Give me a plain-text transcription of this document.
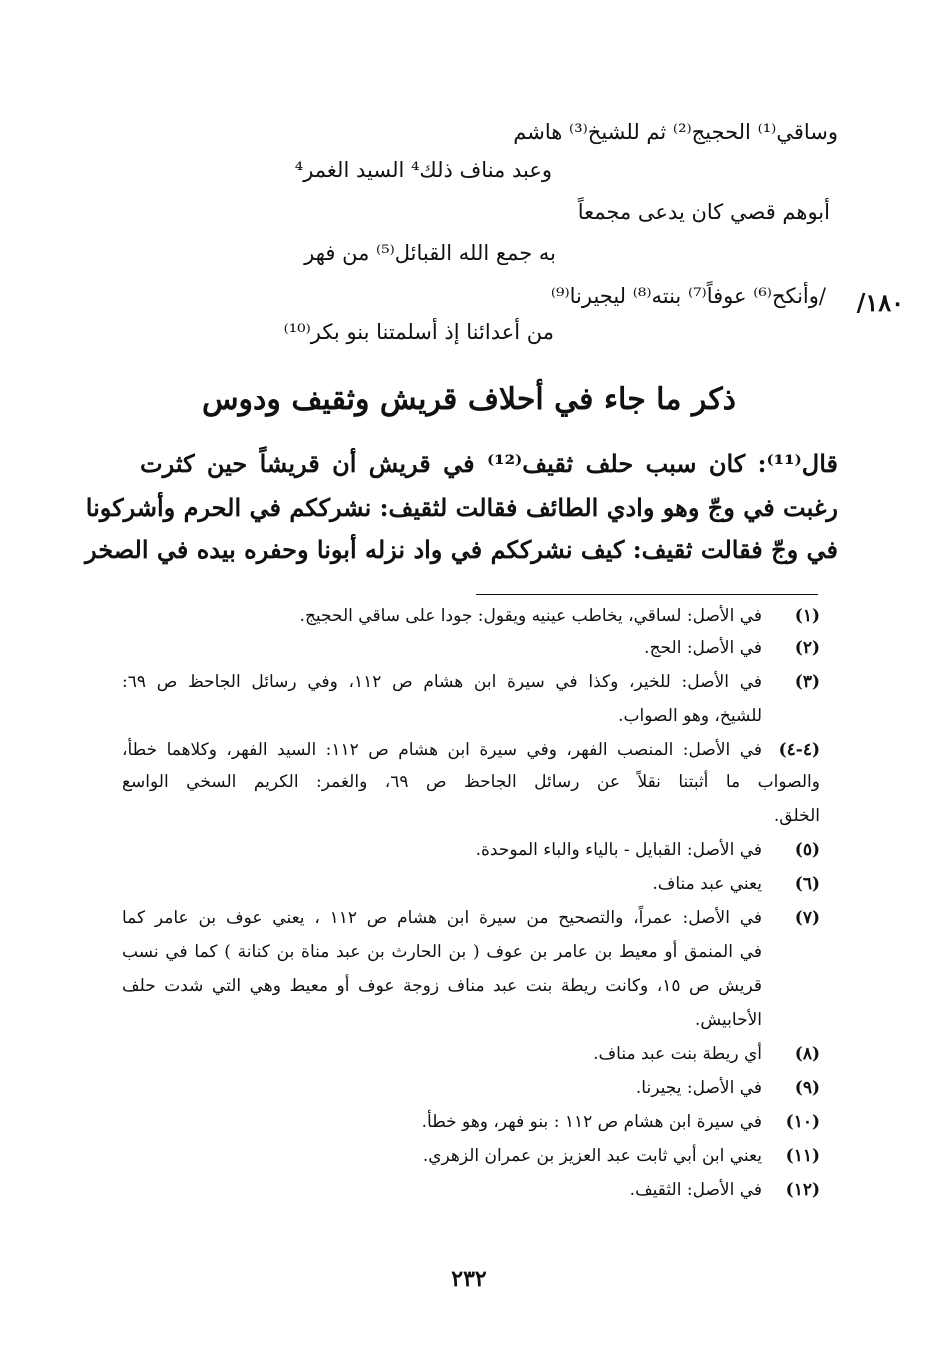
وساقي⁽¹⁾ الحجيج⁽²⁾ ثم للشيخ⁽³⁾ هاشم
وعبد مناف ذلك⁴ السيد الغمر⁴
أبوهم قصي كان يدعى مجمعاً
به جمع الله القبائل⁽⁵⁾ من فهر
/وأنكح⁽⁶⁾ عوفاً⁽⁷⁾ بنته⁽⁸⁾ ليجيرنا⁽⁹⁾
من أعدائنا إذ أسلمتنا بنو بكر⁽¹⁰⁾
١٨٠/
ذكر ما جاء في أحلاف قريش وثقيف ودوس
قال⁽¹¹⁾: كان سبب حلف ثقيف⁽¹²⁾ في قريش أن قريشاً حين كثرت
رغبت في وجّ وهو وادي الطائف فقالت لثقيف: نشرككم في الحرم وأشركونا
في وجّ فقالت ثقيف: كيف نشرككم في واد نزله أبونا وحفره بيده في الصخر
(١)
في الأصل: لساقي، يخاطب عينيه ويقول: جودا على ساقي الحجيج.
(٢)
في الأصل: الحج.
(٣)
في الأصل: للخير، وكذا في سيرة ابن هشام ص ١١٢، وفي رسائل الجاحظ ص ٦٩:
للشيخ، وهو الصواب.
(٤-٤)
في الأصل: المنصب الفهر، وفي سيرة ابن هشام ص ١١٢: السيد الفهر، وكلاهما خطأ،
والصواب ما أثبتنا نقلاً عن رسائل الجاحظ ص ٦٩، والغمر: الكريم السخي الواسع
الخلق.
(٥)
في الأصل: القبايل - بالياء والباء الموحدة.
(٦)
يعني عبد مناف.
(٧)
في الأصل: عمراً، والتصحيح من سيرة ابن هشام ص ١١٢ ، يعني عوف بن عامر كما
في المنمق أو معيط بن عامر بن عوف ( بن الحارث بن عبد مناة بن كنانة ) كما في نسب
قريش ص ١٥، وكانت ريطة بنت عبد مناف زوجة عوف أو معيط وهي التي شدت حلف
الأحابيش.
(٨)
أي ريطة بنت عبد مناف.
(٩)
في الأصل: يجيرنا.
(١٠)
في سيرة ابن هشام ص ١١٢ : بنو فهر، وهو خطأ.
(١١)
يعني ابن أبي ثابت عبد العزيز بن عمران الزهري.
(١٢)
في الأصل: الثقيف.
٢٣٢
